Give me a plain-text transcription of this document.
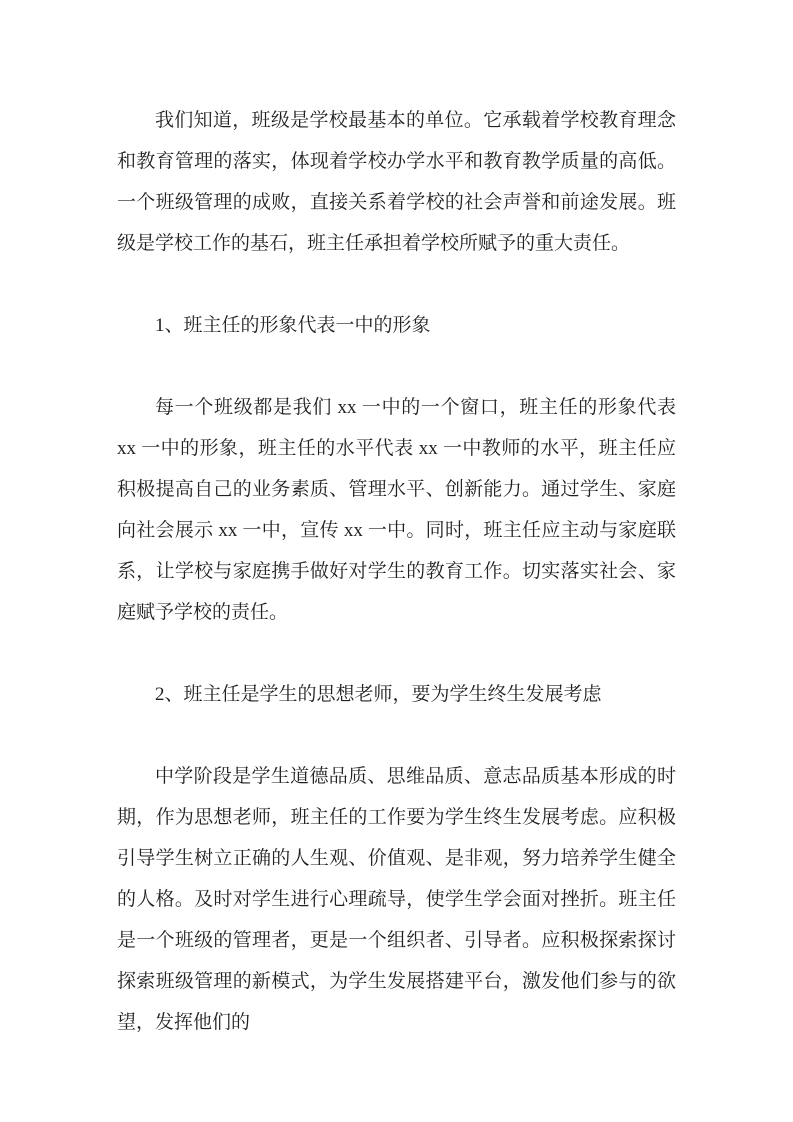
我们知道，班级是学校最基本的单位。它承载着学校教育理念和教育管理的落实，体现着学校办学水平和教育教学质量的高低。一个班级管理的成败，直接关系着学校的社会声誉和前途发展。班级是学校工作的基石，班主任承担着学校所赋予的重大责任。

1、班主任的形象代表一中的形象

每一个班级都是我们 xx 一中的一个窗口，班主任的形象代表 xx 一中的形象，班主任的水平代表 xx 一中教师的水平，班主任应积极提高自己的业务素质、管理水平、创新能力。通过学生、家庭向社会展示 xx 一中，宣传 xx 一中。同时，班主任应主动与家庭联系，让学校与家庭携手做好对学生的教育工作。切实落实社会、家庭赋予学校的责任。

2、班主任是学生的思想老师，要为学生终生发展考虑

中学阶段是学生道德品质、思维品质、意志品质基本形成的时期，作为思想老师，班主任的工作要为学生终生发展考虑。应积极引导学生树立正确的人生观、价值观、是非观，努力培养学生健全的人格。及时对学生进行心理疏导，使学生学会面对挫折。班主任是一个班级的管理者，更是一个组织者、引导者。应积极探索探讨探索班级管理的新模式，为学生发展搭建平台，激发他们参与的欲望，发挥他们的
